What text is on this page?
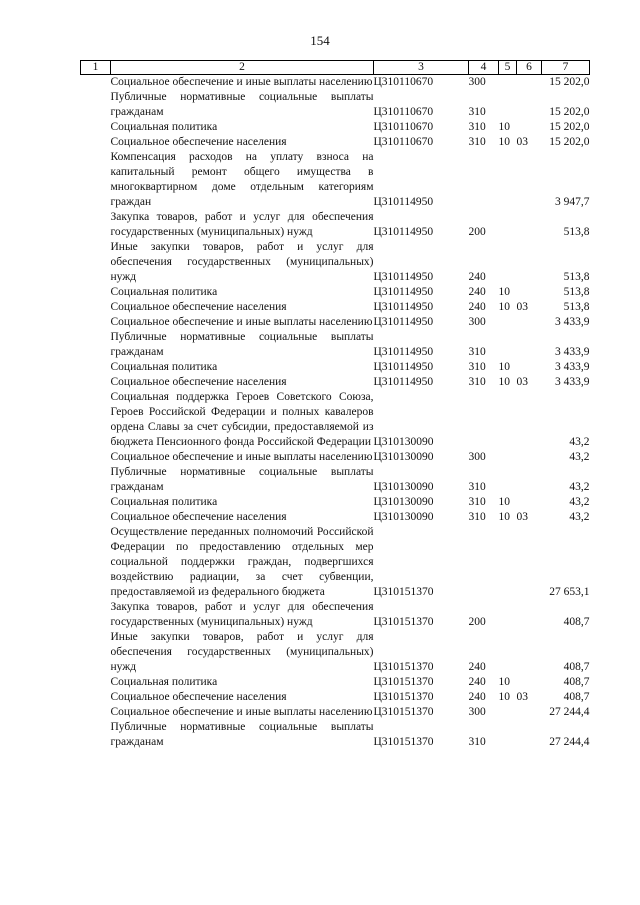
154
1	2	3	4	5	6	7
	Социальное обеспечение и иные выплаты населению	Ц310110670	300			15 202,0
	Публичные нормативные социальные выплаты гражданам	Ц310110670	310			15 202,0
	Социальная политика	Ц310110670	310	10		15 202,0
	Социальное обеспечение населения	Ц310110670	310	10	03	15 202,0
	Компенсация расходов на уплату взноса на капитальный ремонт общего имущества в многоквартирном доме отдельным категориям граждан	Ц310114950				3 947,7
	Закупка товаров, работ и услуг для обеспечения государственных (муниципальных) нужд	Ц310114950	200			513,8
	Иные закупки товаров, работ и услуг для обеспечения государственных (муниципальных) нужд	Ц310114950	240			513,8
	Социальная политика	Ц310114950	240	10		513,8
	Социальное обеспечение населения	Ц310114950	240	10	03	513,8
	Социальное обеспечение и иные выплаты населению	Ц310114950	300			3 433,9
	Публичные нормативные социальные выплаты гражданам	Ц310114950	310			3 433,9
	Социальная политика	Ц310114950	310	10		3 433,9
	Социальное обеспечение населения	Ц310114950	310	10	03	3 433,9
	Социальная поддержка Героев Советского Союза, Героев Российской Федерации и полных кавалеров ордена Славы за счет субсидии, предоставляемой из бюджета Пенсионного фонда Российской Федерации	Ц310130090				43,2
	Социальное обеспечение и иные выплаты населению	Ц310130090	300			43,2
	Публичные нормативные социальные выплаты гражданам	Ц310130090	310			43,2
	Социальная политика	Ц310130090	310	10		43,2
	Социальное обеспечение населения	Ц310130090	310	10	03	43,2
	Осуществление переданных полномочий Российской Федерации по предоставлению отдельных мер социальной поддержки граждан, подвергшихся воздействию радиации, за счет субвенции, предоставляемой из федерального бюджета	Ц310151370				27 653,1
	Закупка товаров, работ и услуг для обеспечения государственных (муниципальных) нужд	Ц310151370	200			408,7
	Иные закупки товаров, работ и услуг для обеспечения государственных (муниципальных) нужд	Ц310151370	240			408,7
	Социальная политика	Ц310151370	240	10		408,7
	Социальное обеспечение населения	Ц310151370	240	10	03	408,7
	Социальное обеспечение и иные выплаты населению	Ц310151370	300			27 244,4
	Публичные нормативные социальные выплаты гражданам	Ц310151370	310			27 244,4
